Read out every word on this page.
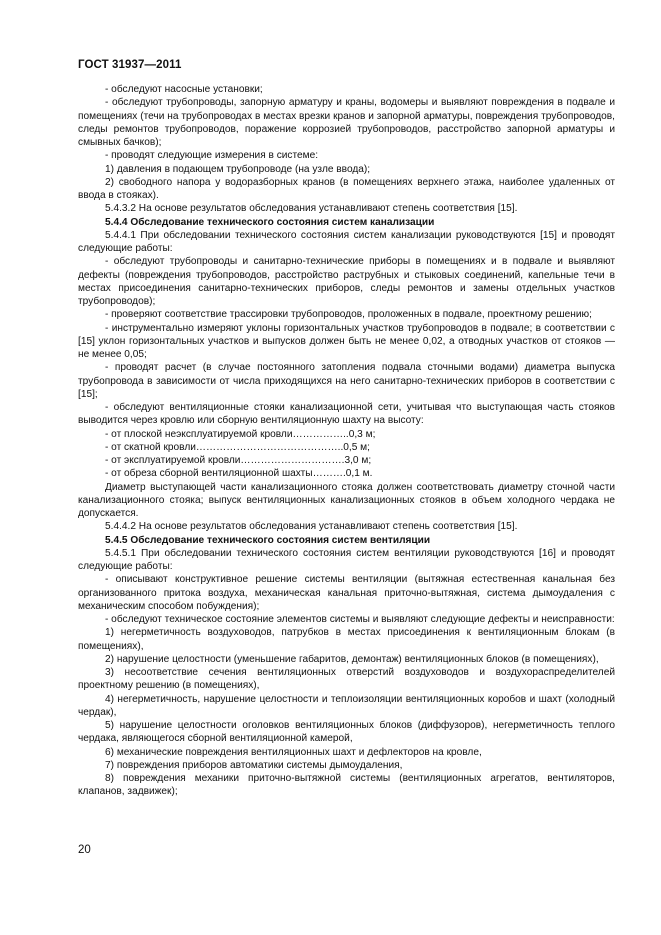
ГОСТ 31937—2011

- обследуют насосные установки;

- обследуют трубопроводы, запорную арматуру и краны, водомеры и выявляют повреждения в подвале и помещениях (течи на трубопроводах в местах врезки кранов и запорной арматуры, повреждения трубопроводов, следы ремонтов трубопроводов, поражение коррозией трубопроводов, расстройство запорной арматуры и смывных бачков);

- проводят следующие измерения в системе:

1) давления в подающем трубопроводе (на узле ввода);

2) свободного напора у водоразборных кранов (в помещениях верхнего этажа, наиболее удаленных от ввода в стояках).

5.4.3.2 На основе результатов обследования устанавливают степень соответствия [15].

5.4.4 Обследование технического состояния систем канализации

5.4.4.1 При обследовании технического состояния систем канализации руководствуются [15] и проводят следующие работы:

- обследуют трубопроводы и санитарно-технические приборы в помещениях и в подвале и выявляют дефекты (повреждения трубопроводов, расстройство раструбных и стыковых соединений, капельные течи в местах присоединения санитарно-технических приборов, следы ремонтов и замены отдельных участков трубопроводов);

- проверяют соответствие трассировки трубопроводов, проложенных в подвале, проектному решению;

- инструментально измеряют уклоны горизонтальных участков трубопроводов в подвале; в соответствии с [15] уклон горизонтальных участков и выпусков должен быть не менее 0,02, а отводных участков от стояков — не менее 0,05;

- проводят расчет (в случае постоянного затопления подвала сточными водами) диаметра выпуска трубопровода в зависимости от числа приходящихся на него санитарно-технических приборов в соответствии с [15];

- обследуют вентиляционные стояки канализационной сети, учитывая что выступающая часть стояков выводится через кровлю или сборную вентиляционную шахту на высоту:

- от плоской неэксплуатируемой кровли……………..0,3 м;

- от скатной кровли……………………………………..0,5 м;

- от эксплуатируемой кровли………………………….3,0 м;

- от обреза сборной вентиляционной шахты……….0,1 м.

Диаметр выступающей части канализационного стояка должен соответствовать диаметру сточной части канализационного стояка; выпуск вентиляционных канализационных стояков в объем холодного чердака не допускается.

5.4.4.2 На основе результатов обследования устанавливают степень соответствия [15].

5.4.5 Обследование технического состояния систем вентиляции

5.4.5.1 При обследовании технического состояния систем вентиляции руководствуются [16] и проводят следующие работы:

- описывают конструктивное решение системы вентиляции (вытяжная естественная канальная без организованного притока воздуха, механическая канальная приточно-вытяжная, система дымоудаления с механическим способом побуждения);

- обследуют техническое состояние элементов системы и выявляют следующие дефекты и неисправности:

1) негерметичность воздуховодов, патрубков в местах присоединения к вентиляционным блокам (в помещениях),

2) нарушение целостности (уменьшение габаритов, демонтаж) вентиляционных блоков (в помещениях),

3) несоответствие сечения вентиляционных отверстий воздуховодов и воздухораспределителей проектному решению (в помещениях),

4) негерметичность, нарушение целостности и теплоизоляции вентиляционных коробов и шахт (холодный чердак),

5) нарушение целостности оголовков вентиляционных блоков (диффузоров), негерметичность теплого чердака, являющегося сборной вентиляционной камерой,

6) механические повреждения вентиляционных шахт и дефлекторов на кровле,

7) повреждения приборов автоматики системы дымоудаления,

8) повреждения механики приточно-вытяжной системы (вентиляционных агрегатов, вентиляторов, клапанов, задвижек);

20
